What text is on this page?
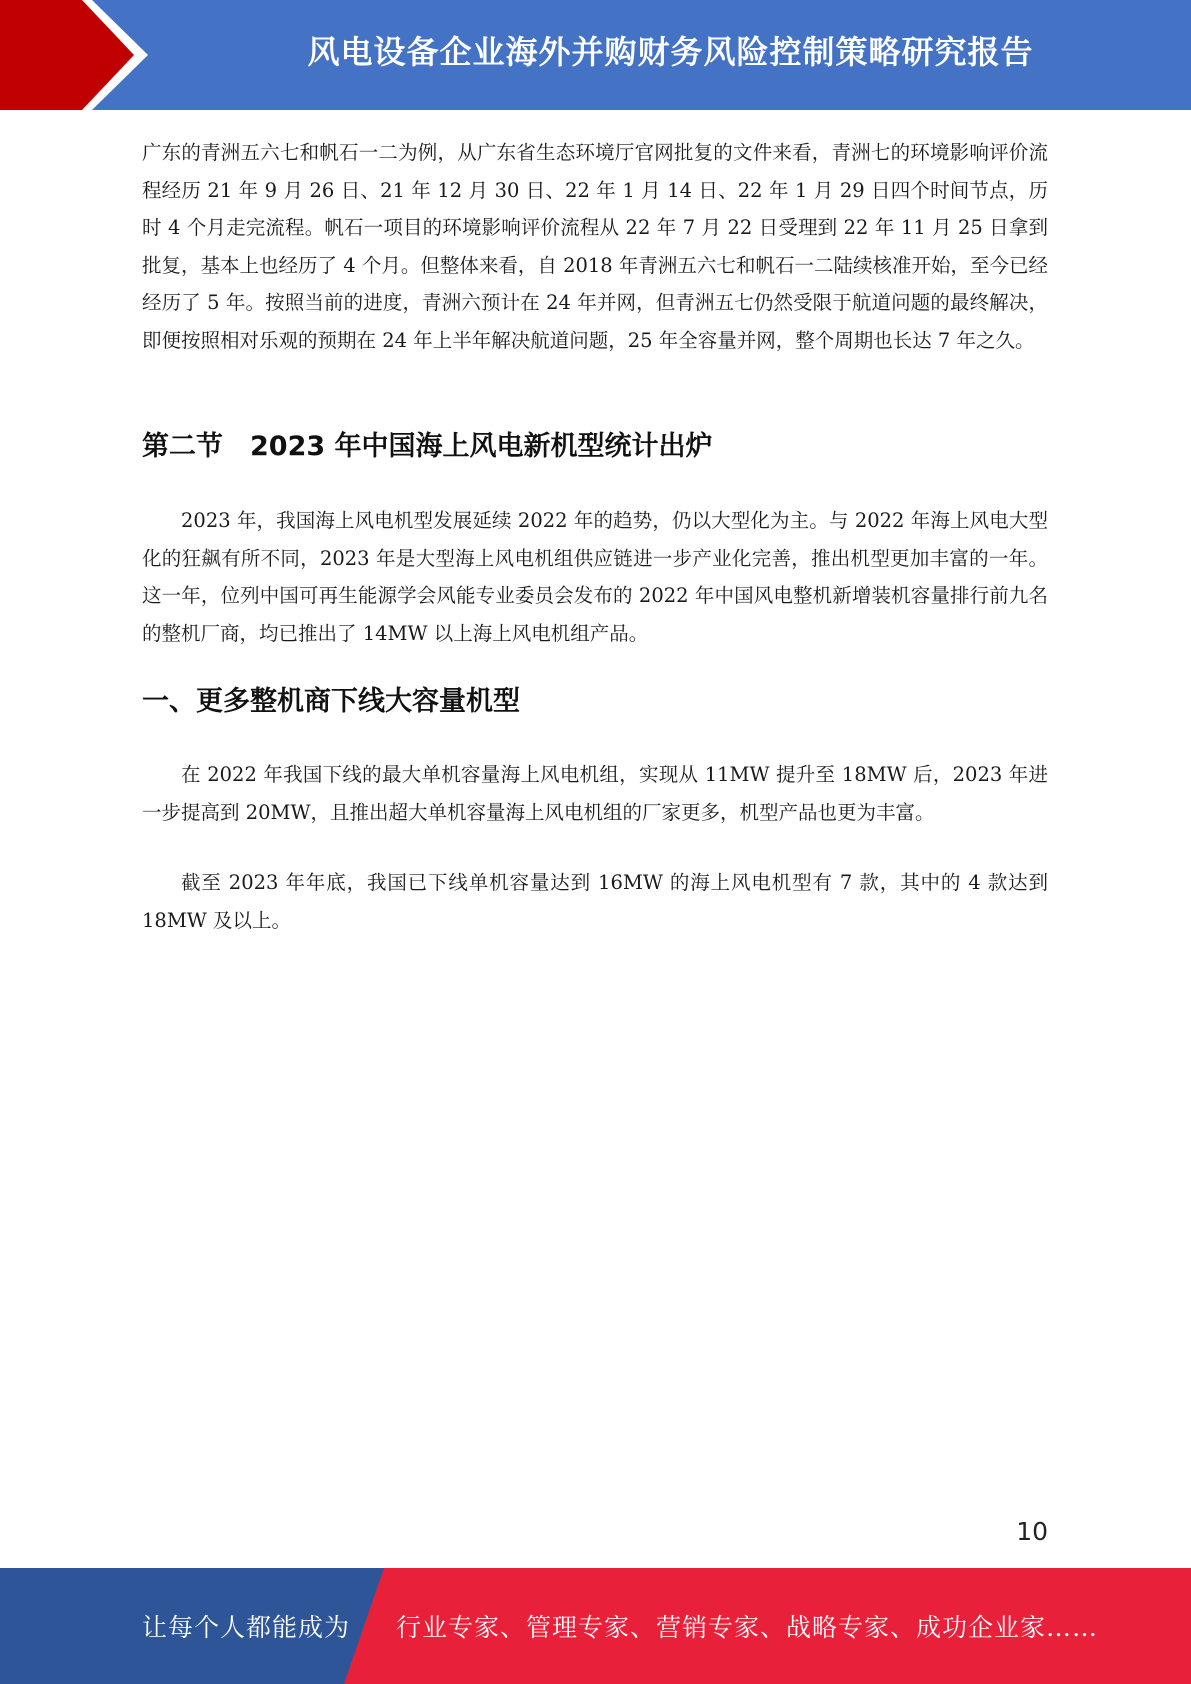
风电设备企业海外并购财务风险控制策略研究报告

广东的青洲五六七和帆石一二为例，从广东省生态环境厅官网批复的文件来看，青洲七的环境影响评价流程经历 21 年 9 月 26 日、21 年 12 月 30 日、22 年 1 月 14 日、22 年 1 月 29 日四个时间节点，历时 4 个月走完流程。帆石一项目的环境影响评价流程从 22 年 7 月 22 日受理到 22 年 11 月 25 日拿到批复，基本上也经历了 4 个月。但整体来看，自 2018 年青洲五六七和帆石一二陆续核准开始，至今已经经历了 5 年。按照当前的进度，青洲六预计在 24 年并网，但青洲五七仍然受限于航道问题的最终解决，即便按照相对乐观的预期在 24 年上半年解决航道问题，25 年全容量并网，整个周期也长达 7 年之久。

第二节　2023 年中国海上风电新机型统计出炉

2023 年，我国海上风电机型发展延续 2022 年的趋势，仍以大型化为主。与 2022 年海上风电大型化的狂飙有所不同，2023 年是大型海上风电机组供应链进一步产业化完善，推出机型更加丰富的一年。这一年，位列中国可再生能源学会风能专业委员会发布的 2022 年中国风电整机新增装机容量排行前九名的整机厂商，均已推出了 14MW 以上海上风电机组产品。

一、更多整机商下线大容量机型

在 2022 年我国下线的最大单机容量海上风电机组，实现从 11MW 提升至 18MW 后，2023 年进一步提高到 20MW，且推出超大单机容量海上风电机组的厂家更多，机型产品也更为丰富。

截至 2023 年年底，我国已下线单机容量达到 16MW 的海上风电机型有 7 款，其中的 4 款达到 18MW 及以上。

10
让每个人都能成为 行业专家、管理专家、营销专家、战略专家、成功企业家……
